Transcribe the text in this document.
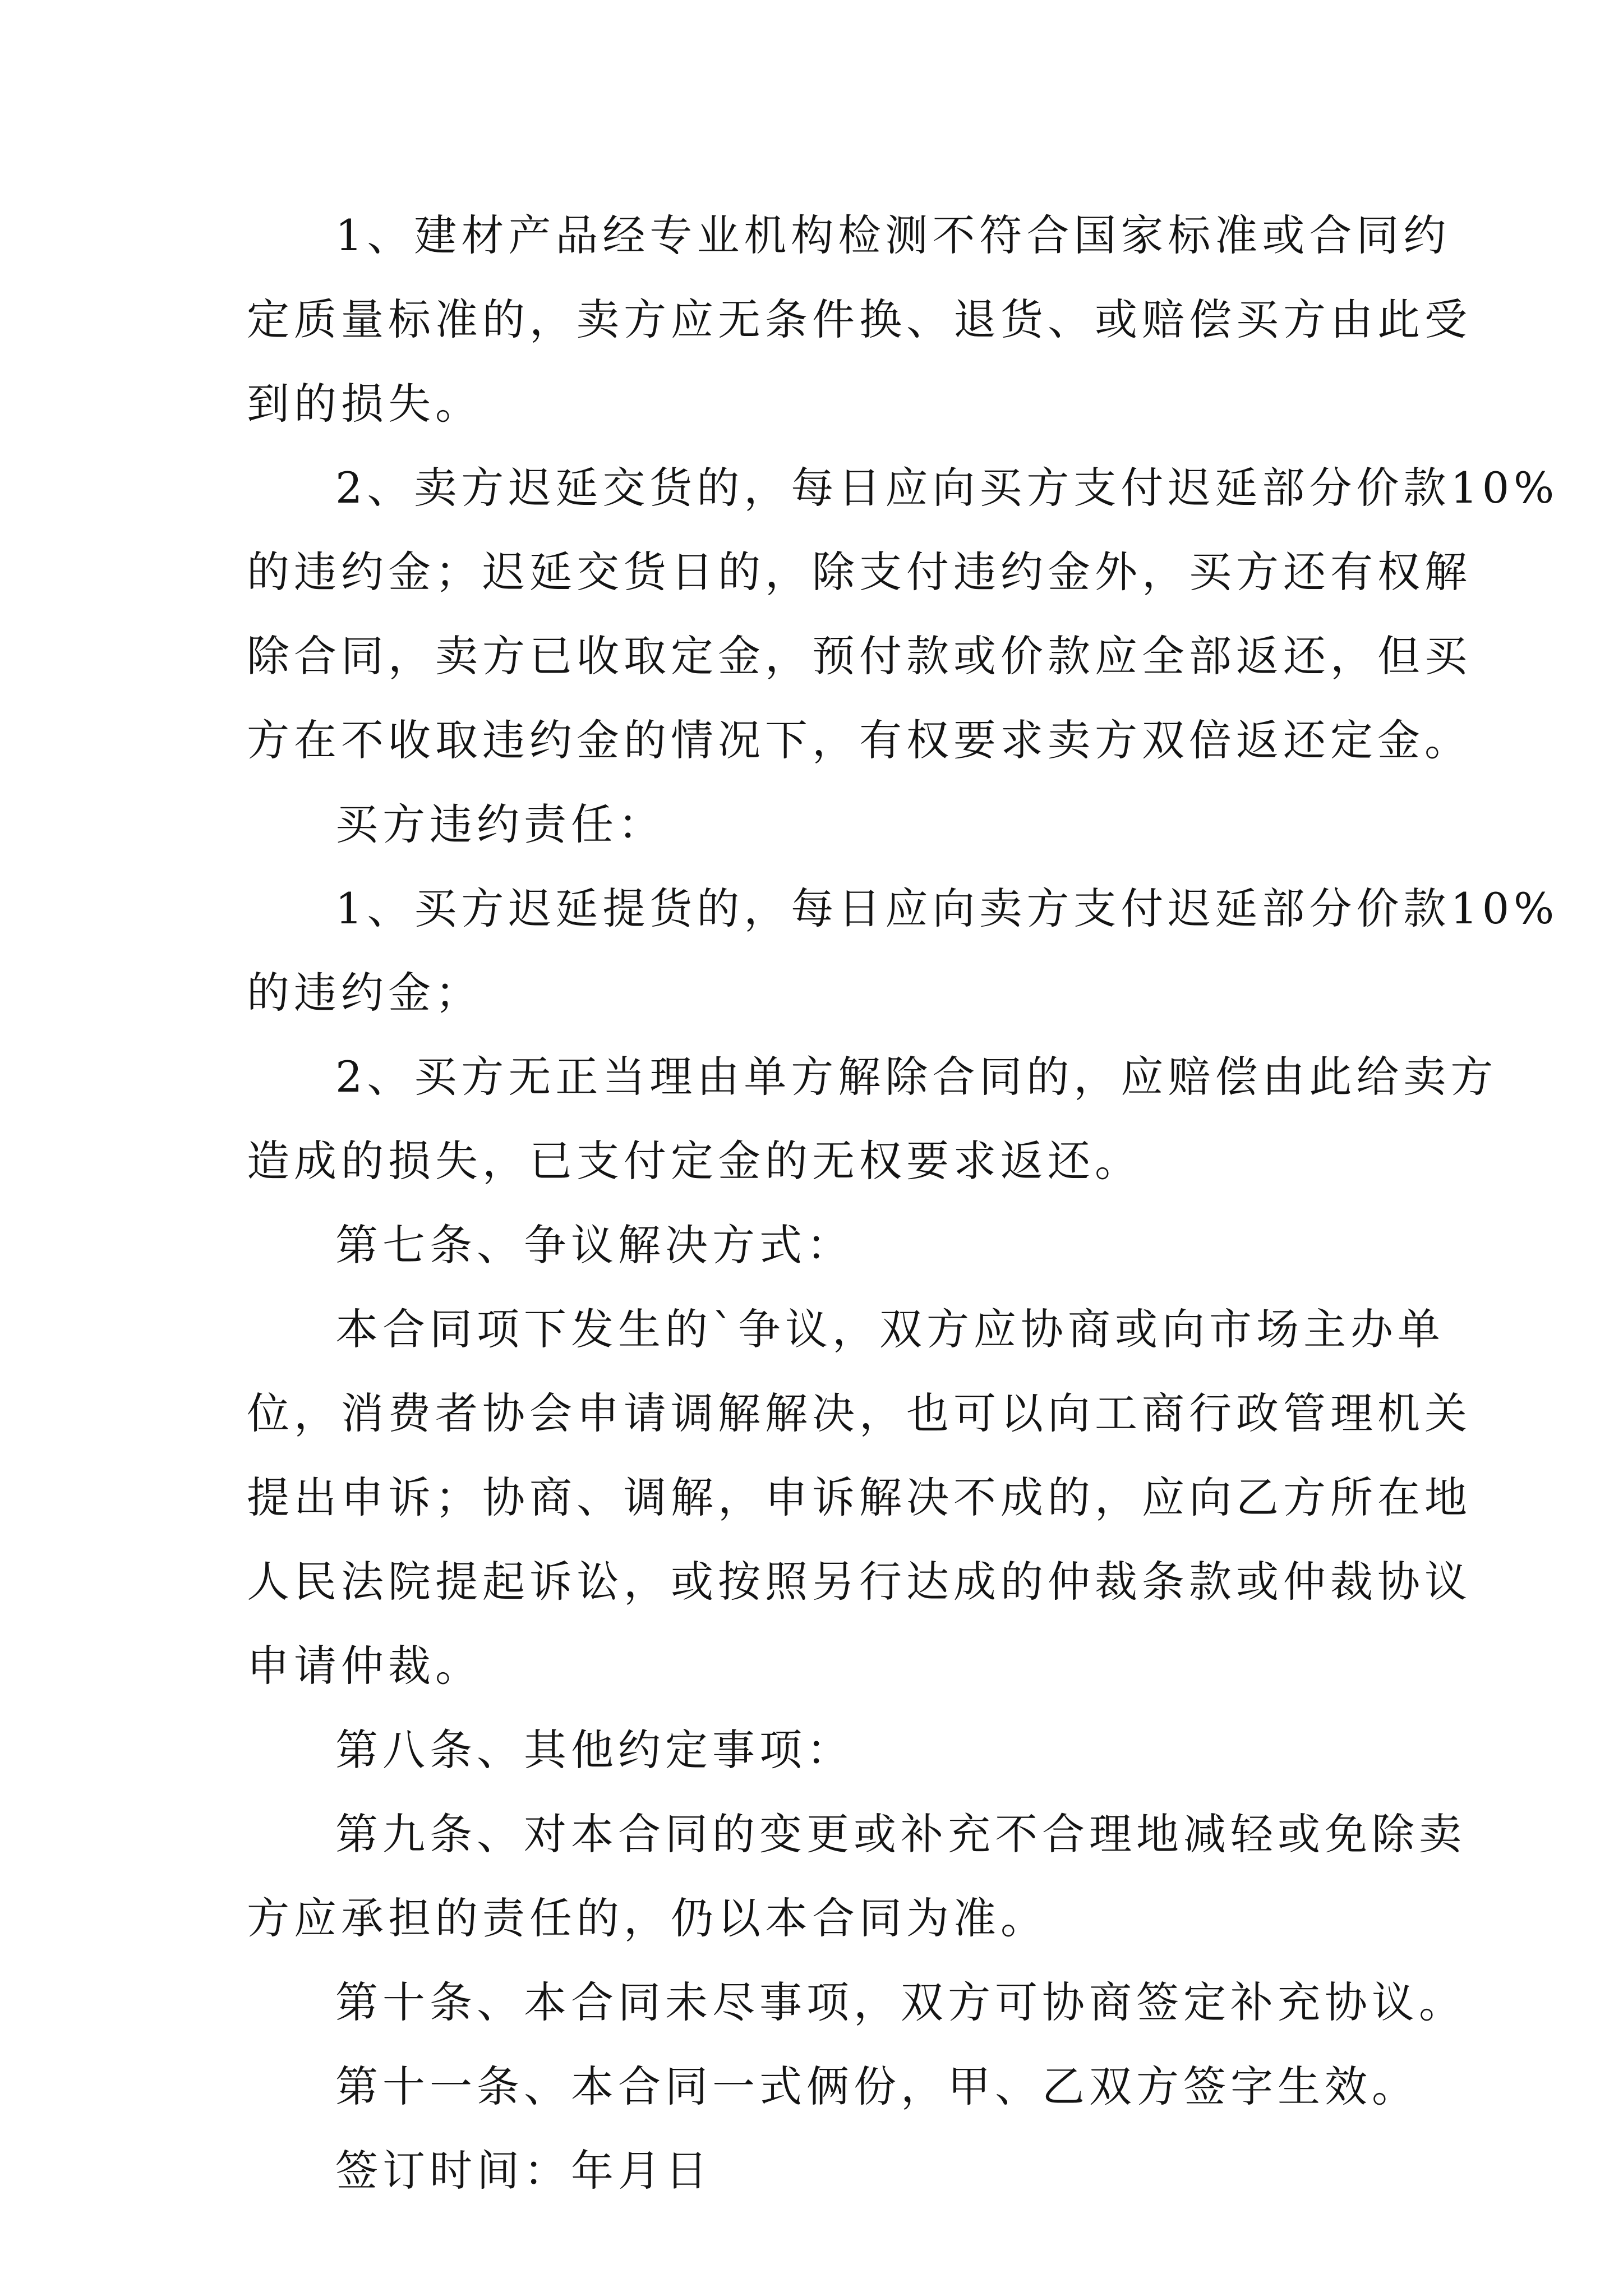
1、建材产品经专业机构检测不符合国家标准或合同约
定质量标准的，卖方应无条件换、退货、或赔偿买方由此受
到的损失。
2、卖方迟延交货的，每日应向买方支付迟延部分价款10%
的违约金；迟延交货日的，除支付违约金外，买方还有权解
除合同，卖方已收取定金，预付款或价款应全部返还，但买
方在不收取违约金的情况下，有权要求卖方双倍返还定金。
买方违约责任：
1、买方迟延提货的，每日应向卖方支付迟延部分价款10%
的违约金；
2、买方无正当理由单方解除合同的，应赔偿由此给卖方
造成的损失，已支付定金的无权要求返还。
第七条、争议解决方式：
本合同项下发生的`争议，双方应协商或向市场主办单
位，消费者协会申请调解解决，也可以向工商行政管理机关
提出申诉；协商、调解，申诉解决不成的，应向乙方所在地
人民法院提起诉讼，或按照另行达成的仲裁条款或仲裁协议
申请仲裁。
第八条、其他约定事项：
第九条、对本合同的变更或补充不合理地减轻或免除卖
方应承担的责任的，仍以本合同为准。
第十条、本合同未尽事项，双方可协商签定补充协议。
第十一条、本合同一式俩份，甲、乙双方签字生效。
签订时间：年月日
